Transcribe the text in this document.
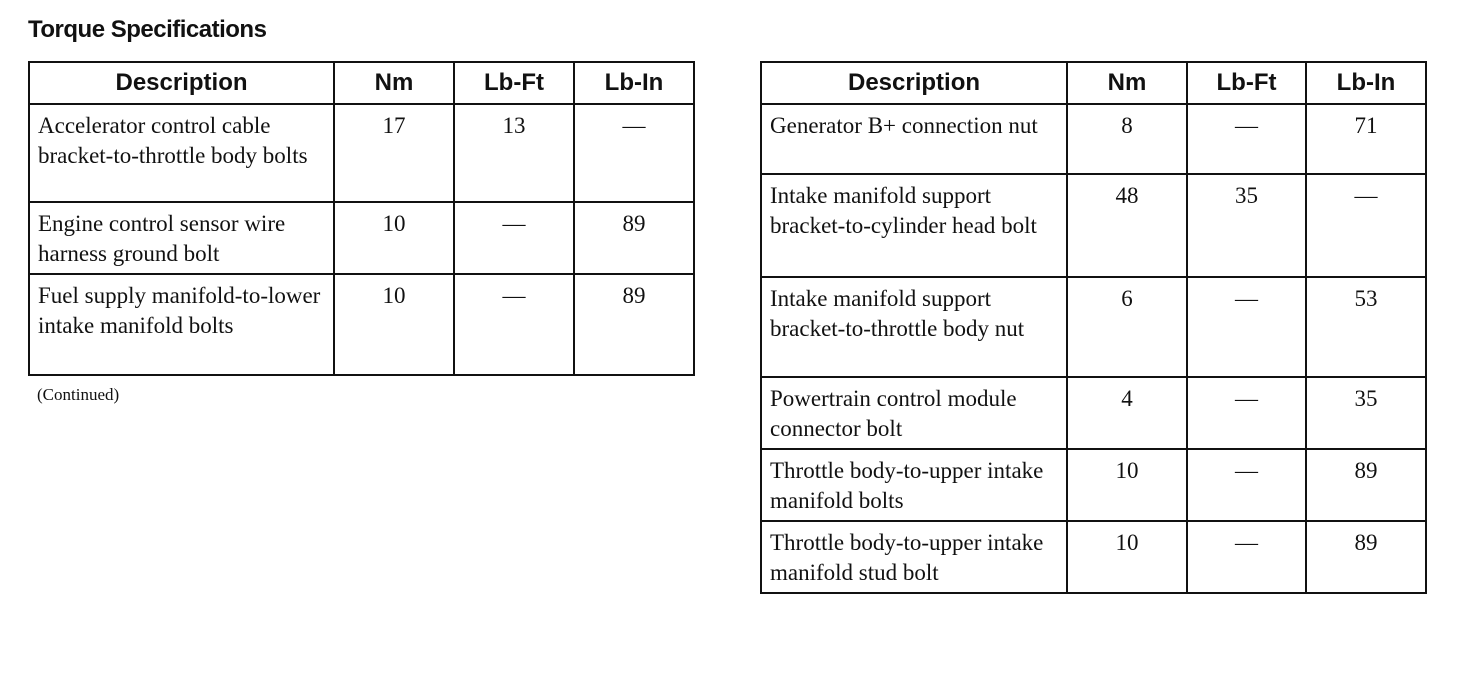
Torque Specifications
Description	Nm	Lb-Ft	Lb-In
Accelerator control cable bracket-to-throttle body bolts	17	13	—
Engine control sensor wire harness ground bolt	10	—	89
Fuel supply manifold-to-lower intake manifold bolts	10	—	89
(Continued)
Description	Nm	Lb-Ft	Lb-In
Generator B+ connection nut	8	—	71
Intake manifold support bracket-to-cylinder head bolt	48	35	—
Intake manifold support bracket-to-throttle body nut	6	—	53
Powertrain control module connector bolt	4	—	35
Throttle body-to-upper intake manifold bolts	10	—	89
Throttle body-to-upper intake manifold stud bolt	10	—	89
